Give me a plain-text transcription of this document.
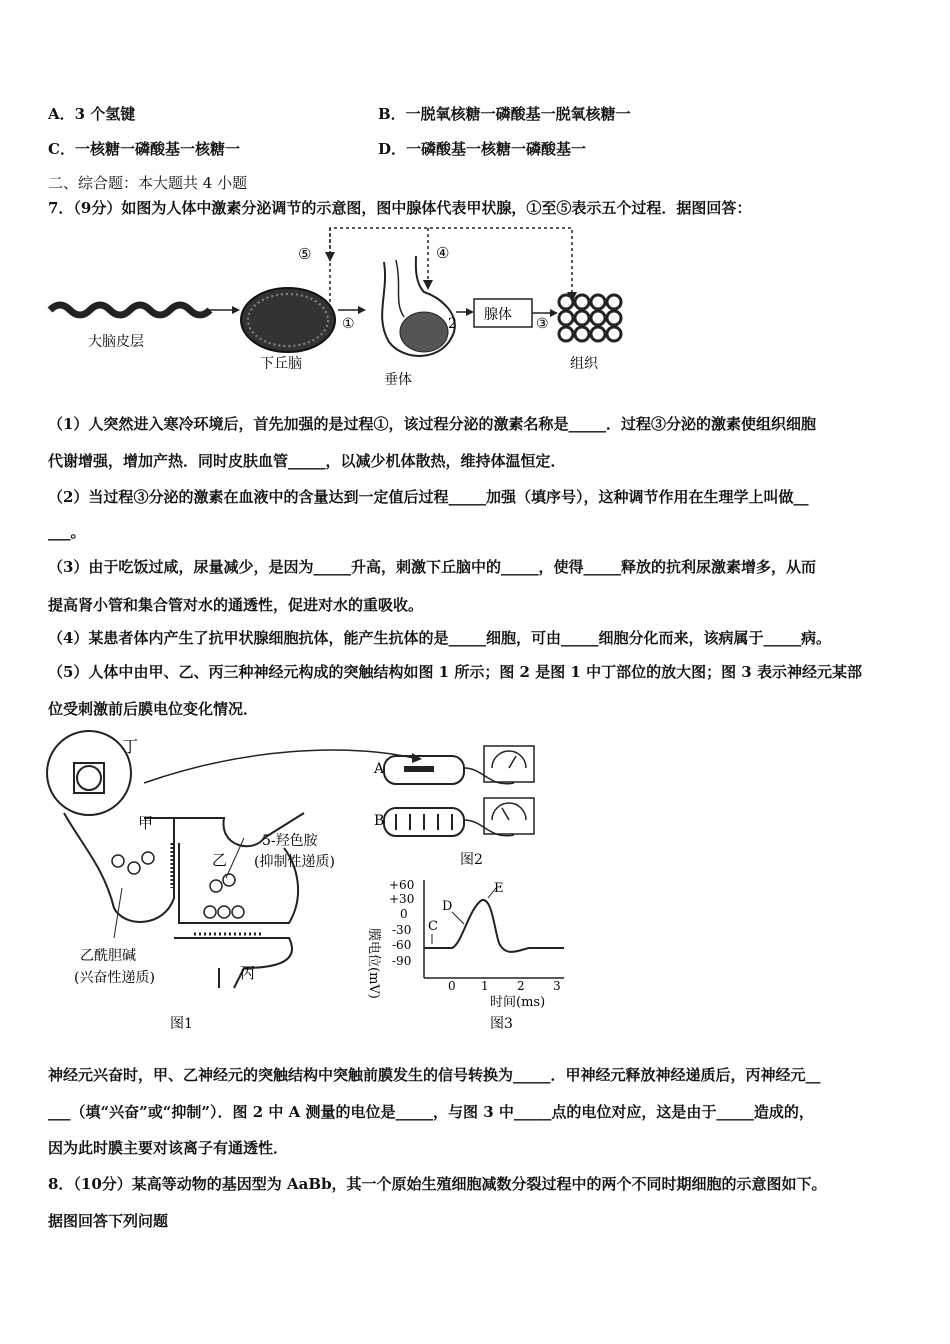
A．3 个氢键	B．一脱氧核糖一磷酸基一脱氧核糖一
C．一核糖一磷酸基一核糖一	D．一磷酸基一核糖一磷酸基一
二、综合题：本大题共 4 小题
7．（9分）如图为人体中激素分泌调节的示意图，图中腺体代表甲状腺，①至⑤表示五个过程．据图回答：
⑤	④
大脑皮层
下丘脑
①
垂体
2
腺体
③
组织
（1）人突然进入寒冷环境后，首先加强的是过程①，该过程分泌的激素名称是_____．过程③分泌的激素使组织细胞
代谢增强，增加产热．同时皮肤血管_____，以减少机体散热，维持体温恒定．
（2）当过程③分泌的激素在血液中的含量达到一定值后过程_____加强（填序号），这种调节作用在生理学上叫做__
___。
（3）由于吃饭过咸，尿量减少，是因为_____升高，刺激下丘脑中的_____，使得_____释放的抗利尿激素增多，从而
提高肾小管和集合管对水的通透性，促进对水的重吸收。
（4）某患者体内产生了抗甲状腺细胞抗体，能产生抗体的是_____细胞，可由_____细胞分化而来，该病属于_____病。
（5）人体中由甲、乙、丙三种神经元构成的突触结构如图 1 所示；图 2 是图 1 中丁部位的放大图；图 3 表示神经元某部
位受刺激前后膜电位变化情况．
丁
甲
乙
5-羟色胺
(抑制性递质)
丙
乙酰胆碱
(兴奋性递质)
图1
A
B
图2
膜电位(mV)
+60
+30
0
-30
-60
-90
0 1 2 3
C
D
E
时间(ms)
图3
神经元兴奋时，甲、乙神经元的突触结构中突触前膜发生的信号转换为_____．甲神经元释放神经递质后，丙神经元__
___（填“兴奋”或“抑制”）．图 2 中 A 测量的电位是_____，与图 3 中_____点的电位对应，这是由于_____造成的，
因为此时膜主要对该离子有通透性．
8．（10分）某高等动物的基因型为 AaBb，其一个原始生殖细胞减数分裂过程中的两个不同时期细胞的示意图如下。
据图回答下列问题
